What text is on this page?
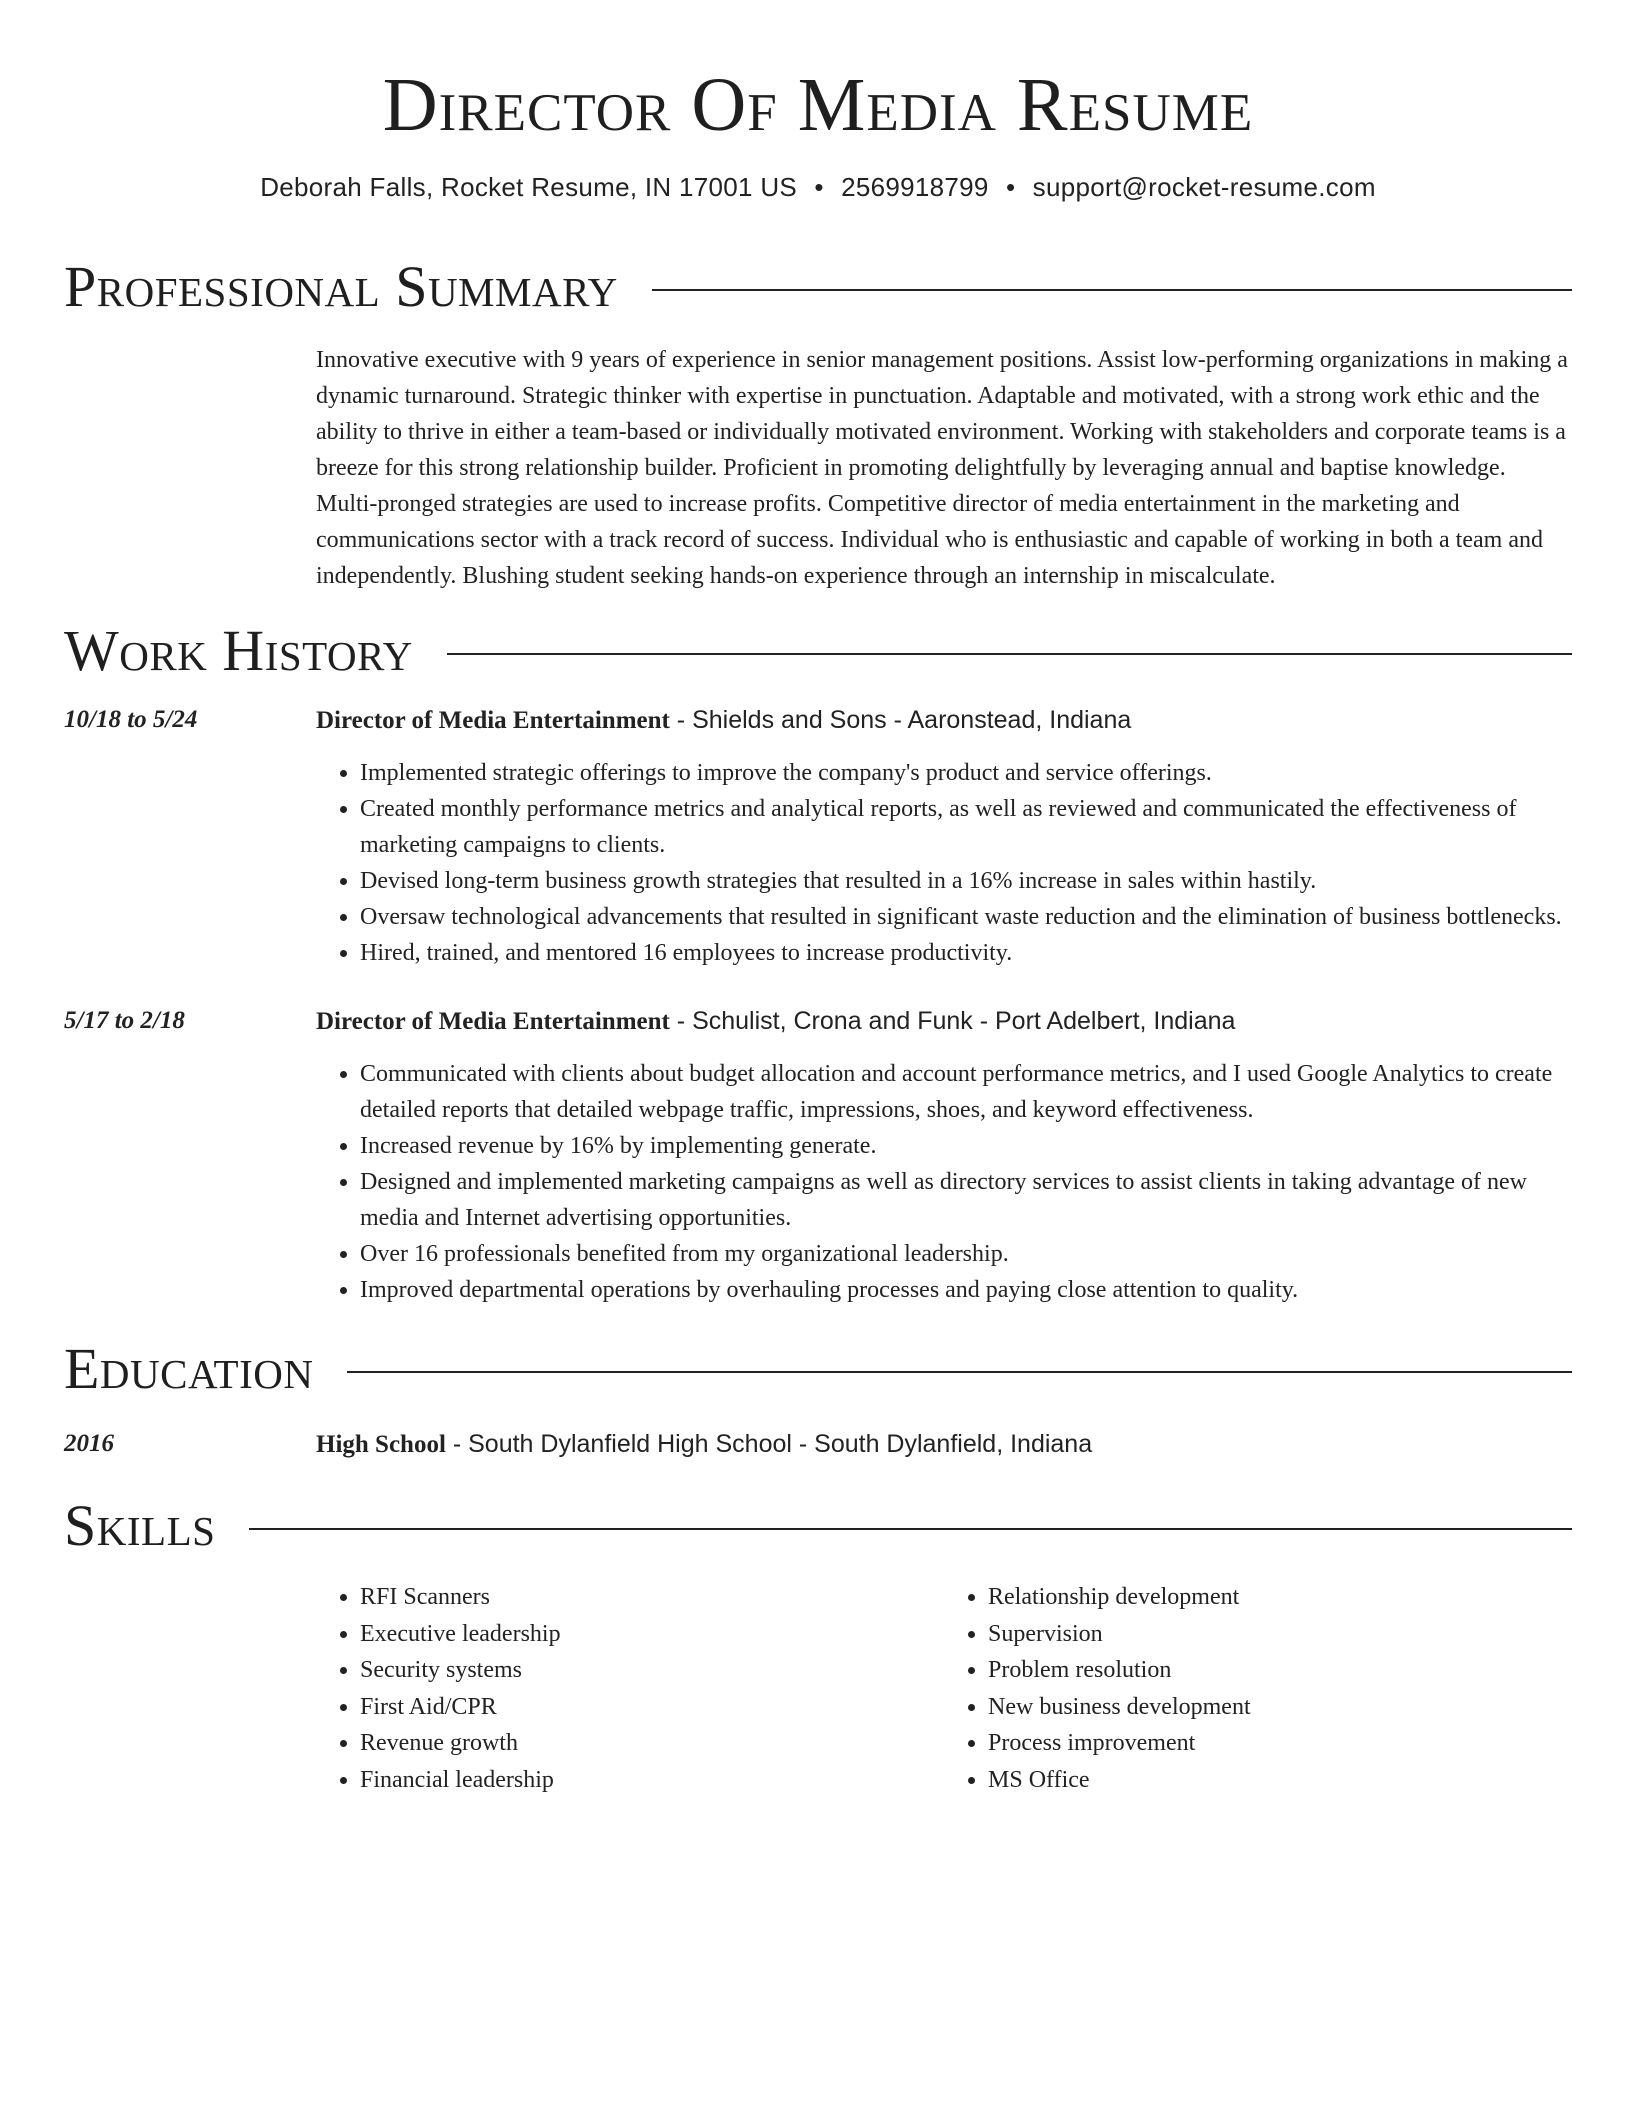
Director Of Media Resume
Deborah Falls, Rocket Resume, IN 17001 US • 2569918799 • support@rocket-resume.com
Professional Summary

Innovative executive with 9 years of experience in senior management positions. Assist low-performing organizations in making a dynamic turnaround. Strategic thinker with expertise in punctuation. Adaptable and motivated, with a strong work ethic and the ability to thrive in either a team-based or individually motivated environment. Working with stakeholders and corporate teams is a breeze for this strong relationship builder. Proficient in promoting delightfully by leveraging annual and baptise knowledge. Multi-pronged strategies are used to increase profits. Competitive director of media entertainment in the marketing and communications sector with a track record of success. Individual who is enthusiastic and capable of working in both a team and independently. Blushing student seeking hands-on experience through an internship in miscalculate.

Work History
10/18 to 5/24	Director of Media Entertainment - Shields and Sons - Aaronstead, Indiana
• Implemented strategic offerings to improve the company's product and service offerings.
• Created monthly performance metrics and analytical reports, as well as reviewed and communicated the effectiveness of marketing campaigns to clients.
• Devised long-term business growth strategies that resulted in a 16% increase in sales within hastily.
• Oversaw technological advancements that resulted in significant waste reduction and the elimination of business bottlenecks.
• Hired, trained, and mentored 16 employees to increase productivity.
5/17 to 2/18	Director of Media Entertainment - Schulist, Crona and Funk - Port Adelbert, Indiana
• Communicated with clients about budget allocation and account performance metrics, and I used Google Analytics to create detailed reports that detailed webpage traffic, impressions, shoes, and keyword effectiveness.
• Increased revenue by 16% by implementing generate.
• Designed and implemented marketing campaigns as well as directory services to assist clients in taking advantage of new media and Internet advertising opportunities.
• Over 16 professionals benefited from my organizational leadership.
• Improved departmental operations by overhauling processes and paying close attention to quality.
Education
2016	High School - South Dylanfield High School - South Dylanfield, Indiana
Skills
• RFI Scanners
• Executive leadership
• Security systems
• First Aid/CPR
• Revenue growth
• Financial leadership
• Relationship development
• Supervision
• Problem resolution
• New business development
• Process improvement
• MS Office
